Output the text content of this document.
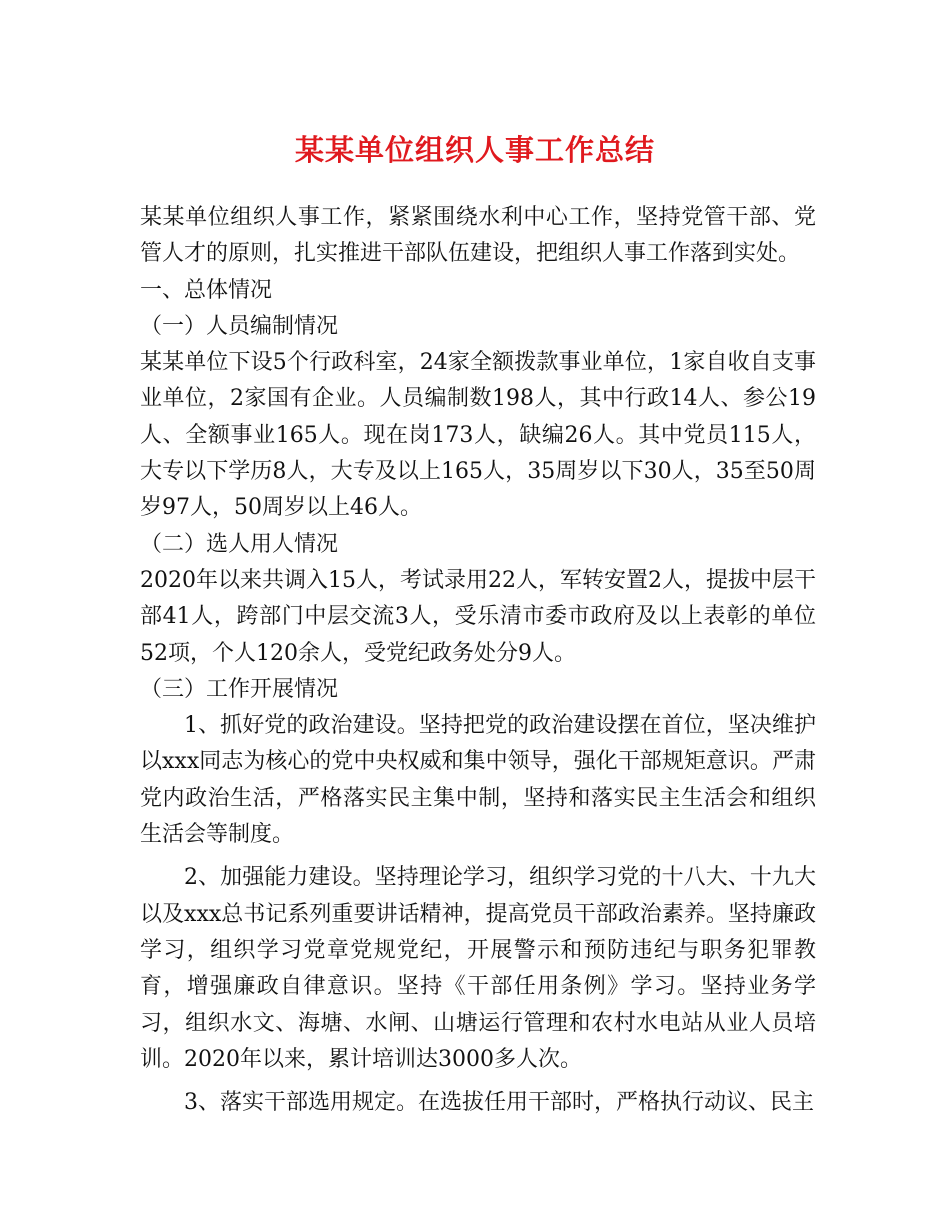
某某单位组织人事工作总结

某某单位组织人事工作，紧紧围绕水利中心工作，坚持党管干部、党管人才的原则，扎实推进干部队伍建设，把组织人事工作落到实处。

一、总体情况

（一）人员编制情况

某某单位下设5个行政科室，24家全额拨款事业单位，1家自收自支事业单位，2家国有企业。人员编制数198人，其中行政14人、参公19人、全额事业165人。现在岗173人，缺编26人。其中党员115人，大专以下学历8人，大专及以上165人，35周岁以下30人，35至50周岁97人，50周岁以上46人。

（二）选人用人情况

2020年以来共调入15人，考试录用22人，军转安置2人，提拔中层干部41人，跨部门中层交流3人，受乐清市委市政府及以上表彰的单位52项，个人120余人，受党纪政务处分9人。

（三）工作开展情况

1、抓好党的政治建设。坚持把党的政治建设摆在首位，坚决维护以xxx同志为核心的党中央权威和集中领导，强化干部规矩意识。严肃党内政治生活，严格落实民主集中制，坚持和落实民主生活会和组织生活会等制度。

2、加强能力建设。坚持理论学习，组织学习党的十八大、十九大以及xxx总书记系列重要讲话精神，提高党员干部政治素养。坚持廉政学习，组织学习党章党规党纪，开展警示和预防违纪与职务犯罪教育，增强廉政自律意识。坚持《干部任用条例》学习。坚持业务学习，组织水文、海塘、水闸、山塘运行管理和农村水电站从业人员培训。2020年以来，累计培训达3000多人次。

3、落实干部选用规定。在选拔任用干部时，严格执行动议、民主
